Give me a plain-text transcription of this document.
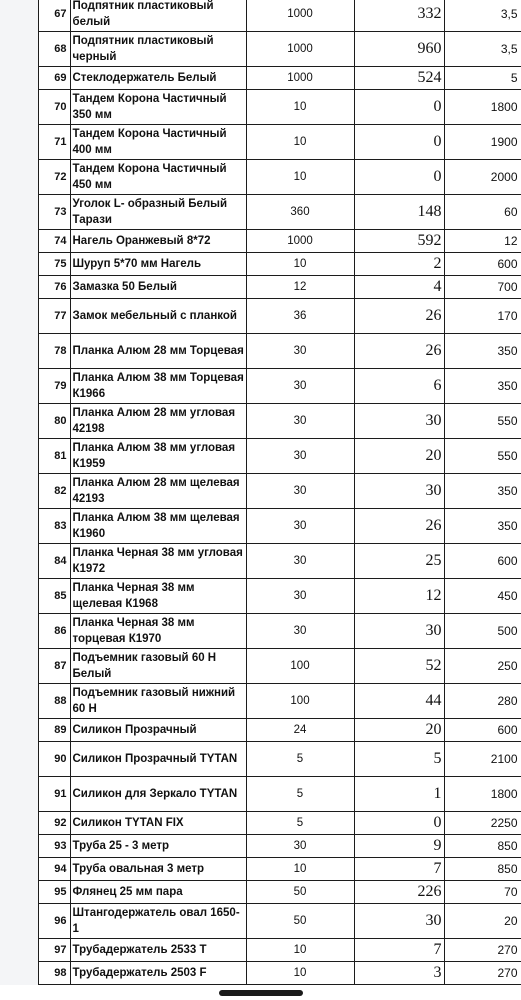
	67	Подпятник пластиковый белый	1000	332	3,5
	68	Подпятник пластиковый черный	1000	960	3,5
	69	Стеклодержатель Белый	1000	524	5
	70	Тандем Корона Частичный 350 мм	10	0	1800
	71	Тандем Корона Частичный 400 мм	10	0	1900
	72	Тандем Корона Частичный 450 мм	10	0	2000
	73	Уголок L- образный Белый Тарази	360	148	60
	74	Нагель Оранжевый 8*72	1000	592	12
	75	Шуруп 5*70 мм Нагель	10	2	600
	76	Замазка 50 Белый	12	4	700
	77	Замок мебельный с планкой	36	26	170
	78	Планка Алюм 28 мм Торцевая	30	26	350
	79	Планка Алюм 38 мм Торцевая К1966	30	6	350
	80	Планка Алюм 28 мм угловая 42198	30	30	550
	81	Планка Алюм 38 мм угловая К1959	30	20	550
	82	Планка Алюм 28 мм щелевая 42193	30	30	350
	83	Планка Алюм 38 мм щелевая К1960	30	26	350
	84	Планка Черная 38 мм угловая К1972	30	25	600
	85	Планка Черная 38 мм щелевая К1968	30	12	450
	86	Планка Черная 38 мм торцевая К1970	30	30	500
	87	Подъемник газовый 60 Н Белый	100	52	250
	88	Подъемник газовый нижний 60 Н	100	44	280
	89	Силикон Прозрачный	24	20	600
	90	Силикон Прозрачный TYTAN	5	5	2100
	91	Силикон для Зеркало TYTAN	5	1	1800
	92	Силикон TYTAN FIX	5	0	2250
	93	Труба 25 - 3 метр	30	9	850
	94	Труба овальная 3 метр	10	7	850
	95	Флянец 25 мм пара	50	226	70
	96	Штангодержатель овал 1650-1	50	30	20
	97	Трубадержатель 2533 Т	10	7	270
	98	Трубадержатель 2503 F	10	3	270
